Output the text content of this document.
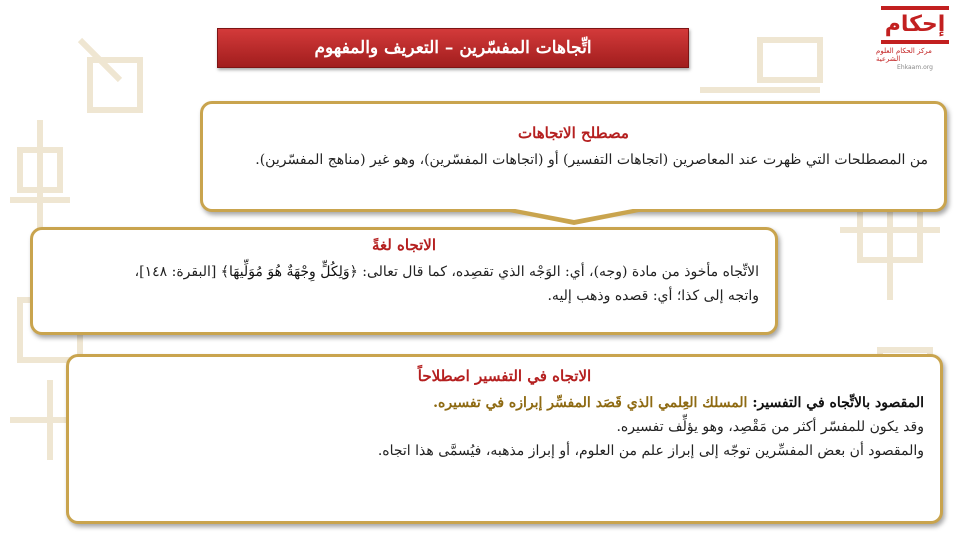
إحكام
مركز الحكام العلوم الشرعية
Ehkaam.org
اتِّجاهات المفسّرين – التعريف والمفهوم
مصطلح الاتجاهات

من المصطلحات التي ظهرت عند المعاصرين (اتجاهات التفسير) أو (اتجاهات المفسّرين)، وهو غير (مناهج المفسّرين).

الاتجاه لغةً

الاتِّجاه مأخوذ من مادة (وجه)، أي: الوَجْه الذي تقصِده، كما قال تعالى: ﴿وَلِكُلٍّ وِجْهَةٌ هُوَ مُوَلِّيهَا﴾ [البقرة: ١٤٨]،

واتجه إلى كذا؛ أي: قصده وذهب إليه.

الاتجاه في التفسير اصطلاحاً

المقصود بالاتِّجاه في التفسير: المسلك العِلمي الذي قَصَد المفسِّر إبرازه في تفسيره.

وقد يكون للمفسّر أكثر من مَقْصِد، وهو يؤلِّف تفسيره.

والمقصود أن بعض المفسِّرين توجّه إلى إبراز علم من العلوم، أو إبراز مذهبه، فيُسمَّى هذا اتجاه.
